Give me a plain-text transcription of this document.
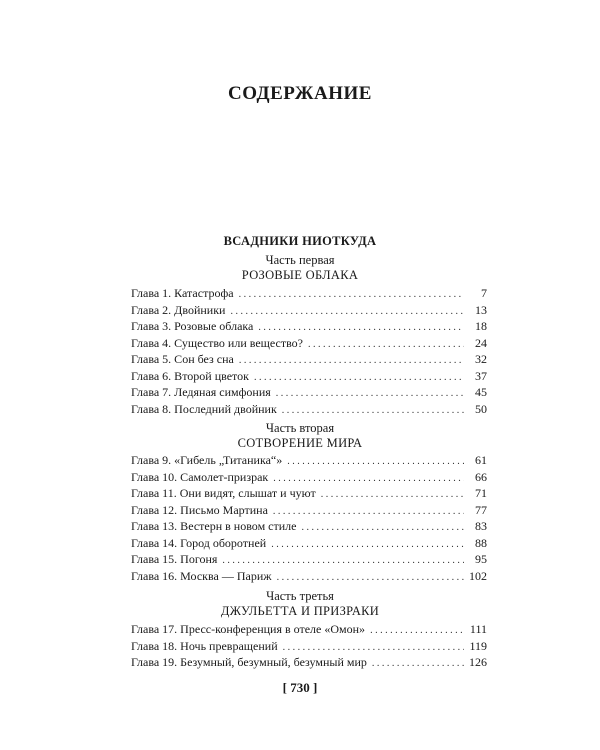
СОДЕРЖАНИЕ
ВСАДНИКИ НИОТКУДА
Часть первая
РОЗОВЫЕ ОБЛАКА
Глава 1. Катастрофа . . .	7
Глава 2. Двойники . . .	13
Глава 3. Розовые облака . . .	18
Глава 4. Существо или вещество? . . .	24
Глава 5. Сон без сна . . .	32
Глава 6. Второй цветок . . .	37
Глава 7. Ледяная симфония . . .	45
Глава 8. Последний двойник . . .	50
Часть вторая
СОТВОРЕНИЕ МИРА
Глава 9. «Гибель „Титаника“» . . .	61
Глава 10. Самолет-призрак . . .	66
Глава 11. Они видят, слышат и чуют . . .	71
Глава 12. Письмо Мартина . . .	77
Глава 13. Вестерн в новом стиле . . .	83
Глава 14. Город оборотней . . .	88
Глава 15. Погоня . . .	95
Глава 16. Москва — Париж . . .	102
Часть третья
ДЖУЛЬЕТТА И ПРИЗРАКИ
Глава 17. Пресс-конференция в отеле «Омон» . . .	111
Глава 18. Ночь превращений . . .	119
Глава 19. Безумный, безумный, безумный мир . . .	126
[ 730 ]
